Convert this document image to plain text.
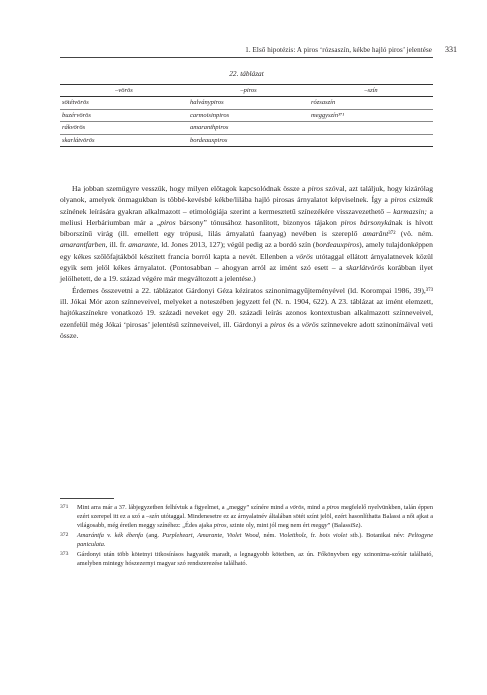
1. Első hipotézis: A piros ‘rózsaszín, kékbe hajló piros’ jelentése 331
22. táblázat
–vörös	–piros	–szín
sötétvörös	halványpiros	rózsaszín
buzérvörös	carmoisinpiros	meggyszín³⁷¹
rákvörös	amaranthpiros	
skarlátvörös	bordeauxpiros	

Ha jobban szemügyre vesszük, hogy milyen előtagok kapcsolódnak össze a piros szóval, azt találjuk, hogy kizárólag olyanok, amelyek önmagukban is többé-kevésbé kékbe/lilába hajló pirosas árnyalatot képviselnek. Így a piros csizmák színének leírására gyakran alkalmazott – etimológiája szerint a kermesztetű színezékére visszavezethető – karmazsin; a meliusi Herbáriumban már a „piros bársony” tónusához hasonlított, bizonyos tájakon piros bársonykának is hívott bíborszínű virág (ill. emellett egy trópusi, lilás árnyalatú faanyag) nevében is szereplő amarânt³⁷² (vö. ném. amarantfarben, ill. fr. amarante, ld. Jones 2013, 127); végül pedig az a bordó szín (bordeauxpiros), amely tulajdonképpen egy kékes szőlőfajtákból készített francia borról kapta a nevét. Ellenben a vörös utótaggal ellátott árnyalatnevek közül egyik sem jelöl kékes árnyalatot. (Pontosabban – ahogyan arról az imént szó esett – a skarlátvörös korábban ilyet jelölhetett, de a 19. század végére már megváltozott a jelentése.)

Érdemes összevetni a 22. táblázatot Gárdonyi Géza kéziratos szinonimagyűjteményével (ld. Korompai 1986, 39),³⁷³ ill. Jókai Mór azon színneveivel, melyeket a noteszében jegyzett fel (N. n. 1904, 622). A 23. táblázat az imént elemzett, hajtókaszínekre vonatkozó 19. századi neveket egy 20. századi leírás azonos kontextusban alkalmazott színneveivel, ezenfelül még Jókai ‘pirosas’ jelentésű színneveivel, ill. Gárdonyi a piros és a vörös színnevekre adott szinonímáival veti össze.

371	Mint arra már a 37. lábjegyzetben felhívtuk a figyelmet, a „meggy” színére mind a vörös, mind a piros megfelelő nyelvünkben, talán éppen ezért szerepel itt ez a szó a –szín utótaggal. Mindenesetre ez az árnyalatnév általában sötét színt jelöl, ezért hasonlíthatta Balassi a női ajkat a világosabb, még éretlen meggy színéhez: „Édes ajaka piros, szinte oly, mint jól meg nem ért meggy” (BalassiSz).
372	Amarántfa v. kék ébenfa (ang. Purpleheart, Amarante, Violet Wood, ném. Violettholz, fr. bois violet stb.). Botanikai név: Peltogyne paniculata.
373	Gárdonyi után több kötetnyi titkosírásos hagyaték maradt, a legnagyobb kötetben, az ún. Főkönyvben egy szinonima-szótár található, amelyben mintegy hószezernyi magyar szó rendszerezése található.
